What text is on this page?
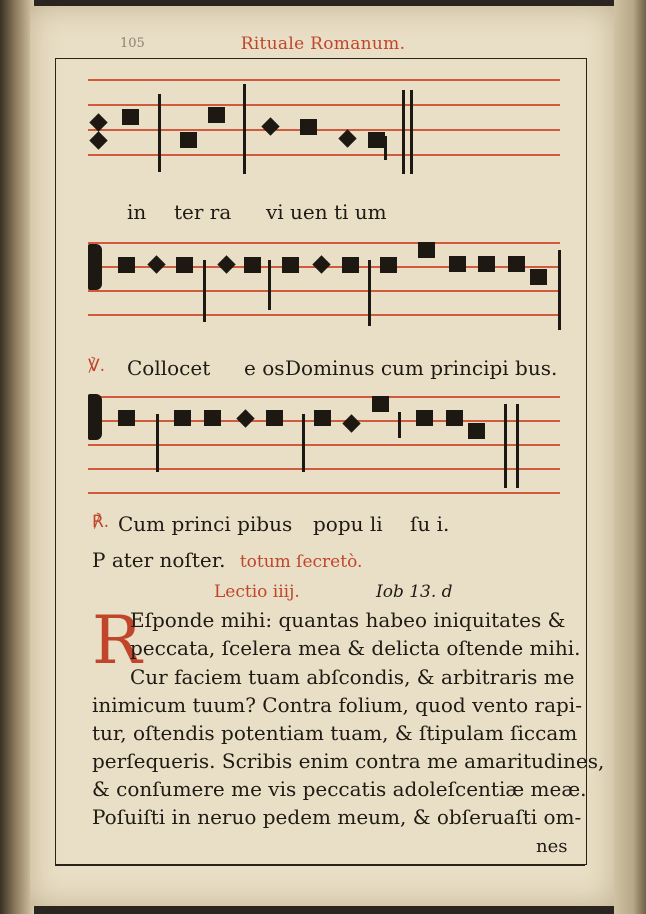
105	Rituale Romanum.
in ter ra vi uen ti um
℣. Collocet e os Dominus cum principi bus.
℟. Cum princi pibus popu li ſu i.
P ater noſter. totum ſecretò.
Lectio iiij.	Iob 13. d
R
Eſponde mihi: quantas habeo iniquitates &
peccata, ſcelera mea & delicta oſtende mihi.
Cur faciem tuam abſcondis, & arbitraris me
inimicum tuum? Contra folium, quod vento rapi-
tur, oſtendis potentiam tuam, & ſtipulam ſiccam
perſequeris. Scribis enim contra me amaritudines,
& conſumere me vis peccatis adoleſcentiæ meæ.
Poſuiſti in neruo pedem meum, & obſeruaſti om-
nes
